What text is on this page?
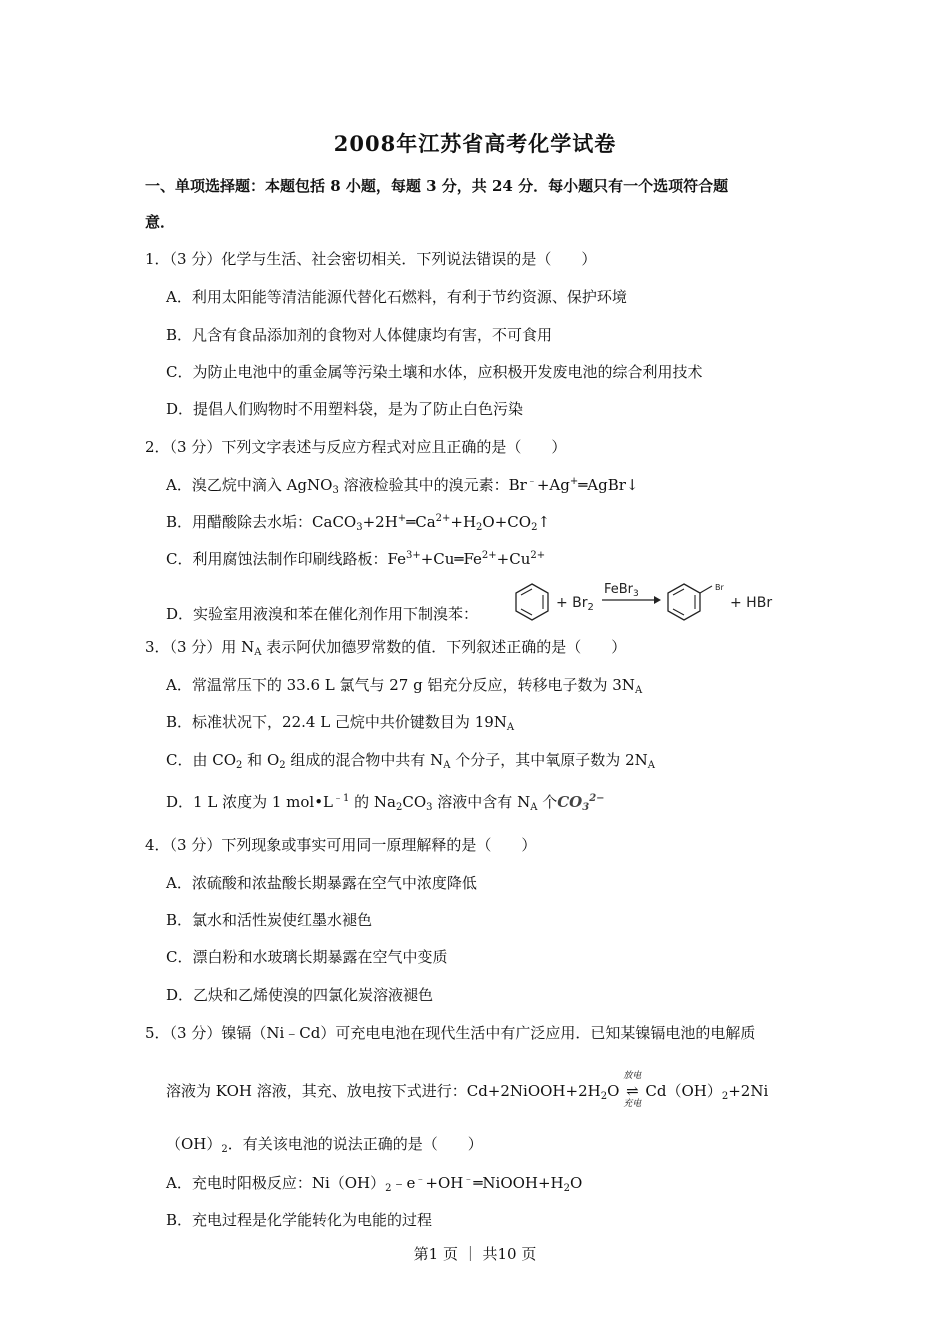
2008年江苏省高考化学试卷
一、单项选择题：本题包括 8 小题，每题 3 分，共 24 分．每小题只有一个选项符合题
意．
1．（3 分）化学与生活、社会密切相关．下列说法错误的是（　　）
A．利用太阳能等清洁能源代替化石燃料，有利于节约资源、保护环境
B．凡含有食品添加剂的食物对人体健康均有害，不可食用
C．为防止电池中的重金属等污染土壤和水体，应积极开发废电池的综合利用技术
D．提倡人们购物时不用塑料袋，是为了防止白色污染
2．（3 分）下列文字表述与反应方程式对应且正确的是（　　）
A．溴乙烷中滴入 AgNO$_3$ 溶液检验其中的溴元素：Br﹣+Ag+═AgBr↓
B．用醋酸除去水垢：$CaCO_3+2H^+═Ca^{2+}+H_2O+CO_2↑$
C．利用腐蚀法制作印刷线路板：$Fe^{3+}+Cu═Fe^{2+}+Cu^{2+}$
D．实验室用液溴和苯在催化剂作用下制溴苯：
+ $Br_2$
FeBr$_3$
Br
+ HBr
3．（3 分）用 $N_A$ 表示阿伏加德罗常数的值．下列叙述正确的是（　　）
A．常温常压下的 33.6 L 氯气与 27 g 铝充分反应，转移电子数为 $3N_A$
B．标准状况下，22.4 L 己烷中共价键数目为 $19N_A$
C．由 $CO_2$ 和 $O_2$ 组成的混合物中共有 $N_A$ 个分子，其中氧原子数为 $2N_A$
D．1 L 浓度为 1 $mol•L^{﹣1}$ 的 $Na_2CO_3$ 溶液中含有 $N_A$ 个$CO_3^{2-}$
4．（3 分）下列现象或事实可用同一原理解释的是（　　）
A．浓硫酸和浓盐酸长期暴露在空气中浓度降低
B．氯水和活性炭使红墨水褪色
C．漂白粉和水玻璃长期暴露在空气中变质
D．乙炔和乙烯使溴的四氯化炭溶液褪色
5．（3 分）镍镉（Ni﹣Cd）可充电电池在现代生活中有广泛应用．已知某镍镉电池的电解质
溶液为 KOH 溶液，其充、放电按下式进行：$Cd+2NiOOH+2H_2O$
放电
⇌
充电
$Cd(OH)_2+2Ni$
$(OH)_2$．有关该电池的说法正确的是（　　）
A．充电时阳极反应：$Ni(OH)_2﹣e^﹣+OH^﹣═NiOOH+H_2O$
B．充电过程是化学能转化为电能的过程
第1 页 ｜ 共10 页
